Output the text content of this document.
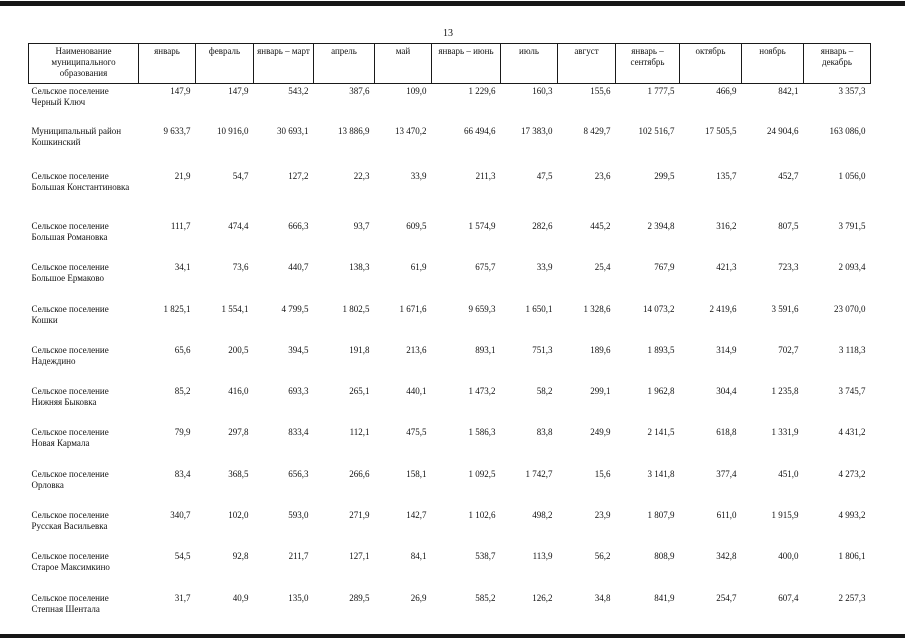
13
Наименование муниципального образования	январь	февраль	январь – март	апрель	май	январь – июнь	июль	август	январь – сентябрь	октябрь	ноябрь	январь – декабрь
Сельское поселение Черный Ключ	147,9	147,9	543,2	387,6	109,0	1 229,6	160,3	155,6	1 777,5	466,9	842,1	3 357,3
Муниципальный район Кошкинский	9 633,7	10 916,0	30 693,1	13 886,9	13 470,2	66 494,6	17 383,0	8 429,7	102 516,7	17 505,5	24 904,6	163 086,0
Сельское поселение Большая Константиновка	21,9	54,7	127,2	22,3	33,9	211,3	47,5	23,6	299,5	135,7	452,7	1 056,0
Сельское поселение Большая Романовка	111,7	474,4	666,3	93,7	609,5	1 574,9	282,6	445,2	2 394,8	316,2	807,5	3 791,5
Сельское поселение Большое Ермаково	34,1	73,6	440,7	138,3	61,9	675,7	33,9	25,4	767,9	421,3	723,3	2 093,4
Сельское поселение Кошки	1 825,1	1 554,1	4 799,5	1 802,5	1 671,6	9 659,3	1 650,1	1 328,6	14 073,2	2 419,6	3 591,6	23 070,0
Сельское поселение Надеждино	65,6	200,5	394,5	191,8	213,6	893,1	751,3	189,6	1 893,5	314,9	702,7	3 118,3
Сельское поселение Нижняя Быковка	85,2	416,0	693,3	265,1	440,1	1 473,2	58,2	299,1	1 962,8	304,4	1 235,8	3 745,7
Сельское поселение Новая Кармала	79,9	297,8	833,4	112,1	475,5	1 586,3	83,8	249,9	2 141,5	618,8	1 331,9	4 431,2
Сельское поселение Орловка	83,4	368,5	656,3	266,6	158,1	1 092,5	1 742,7	15,6	3 141,8	377,4	451,0	4 273,2
Сельское поселение Русская Васильевка	340,7	102,0	593,0	271,9	142,7	1 102,6	498,2	23,9	1 807,9	611,0	1 915,9	4 993,2
Сельское поселение Старое Максимкино	54,5	92,8	211,7	127,1	84,1	538,7	113,9	56,2	808,9	342,8	400,0	1 806,1
Сельское поселение Степная Шентала	31,7	40,9	135,0	289,5	26,9	585,2	126,2	34,8	841,9	254,7	607,4	2 257,3
